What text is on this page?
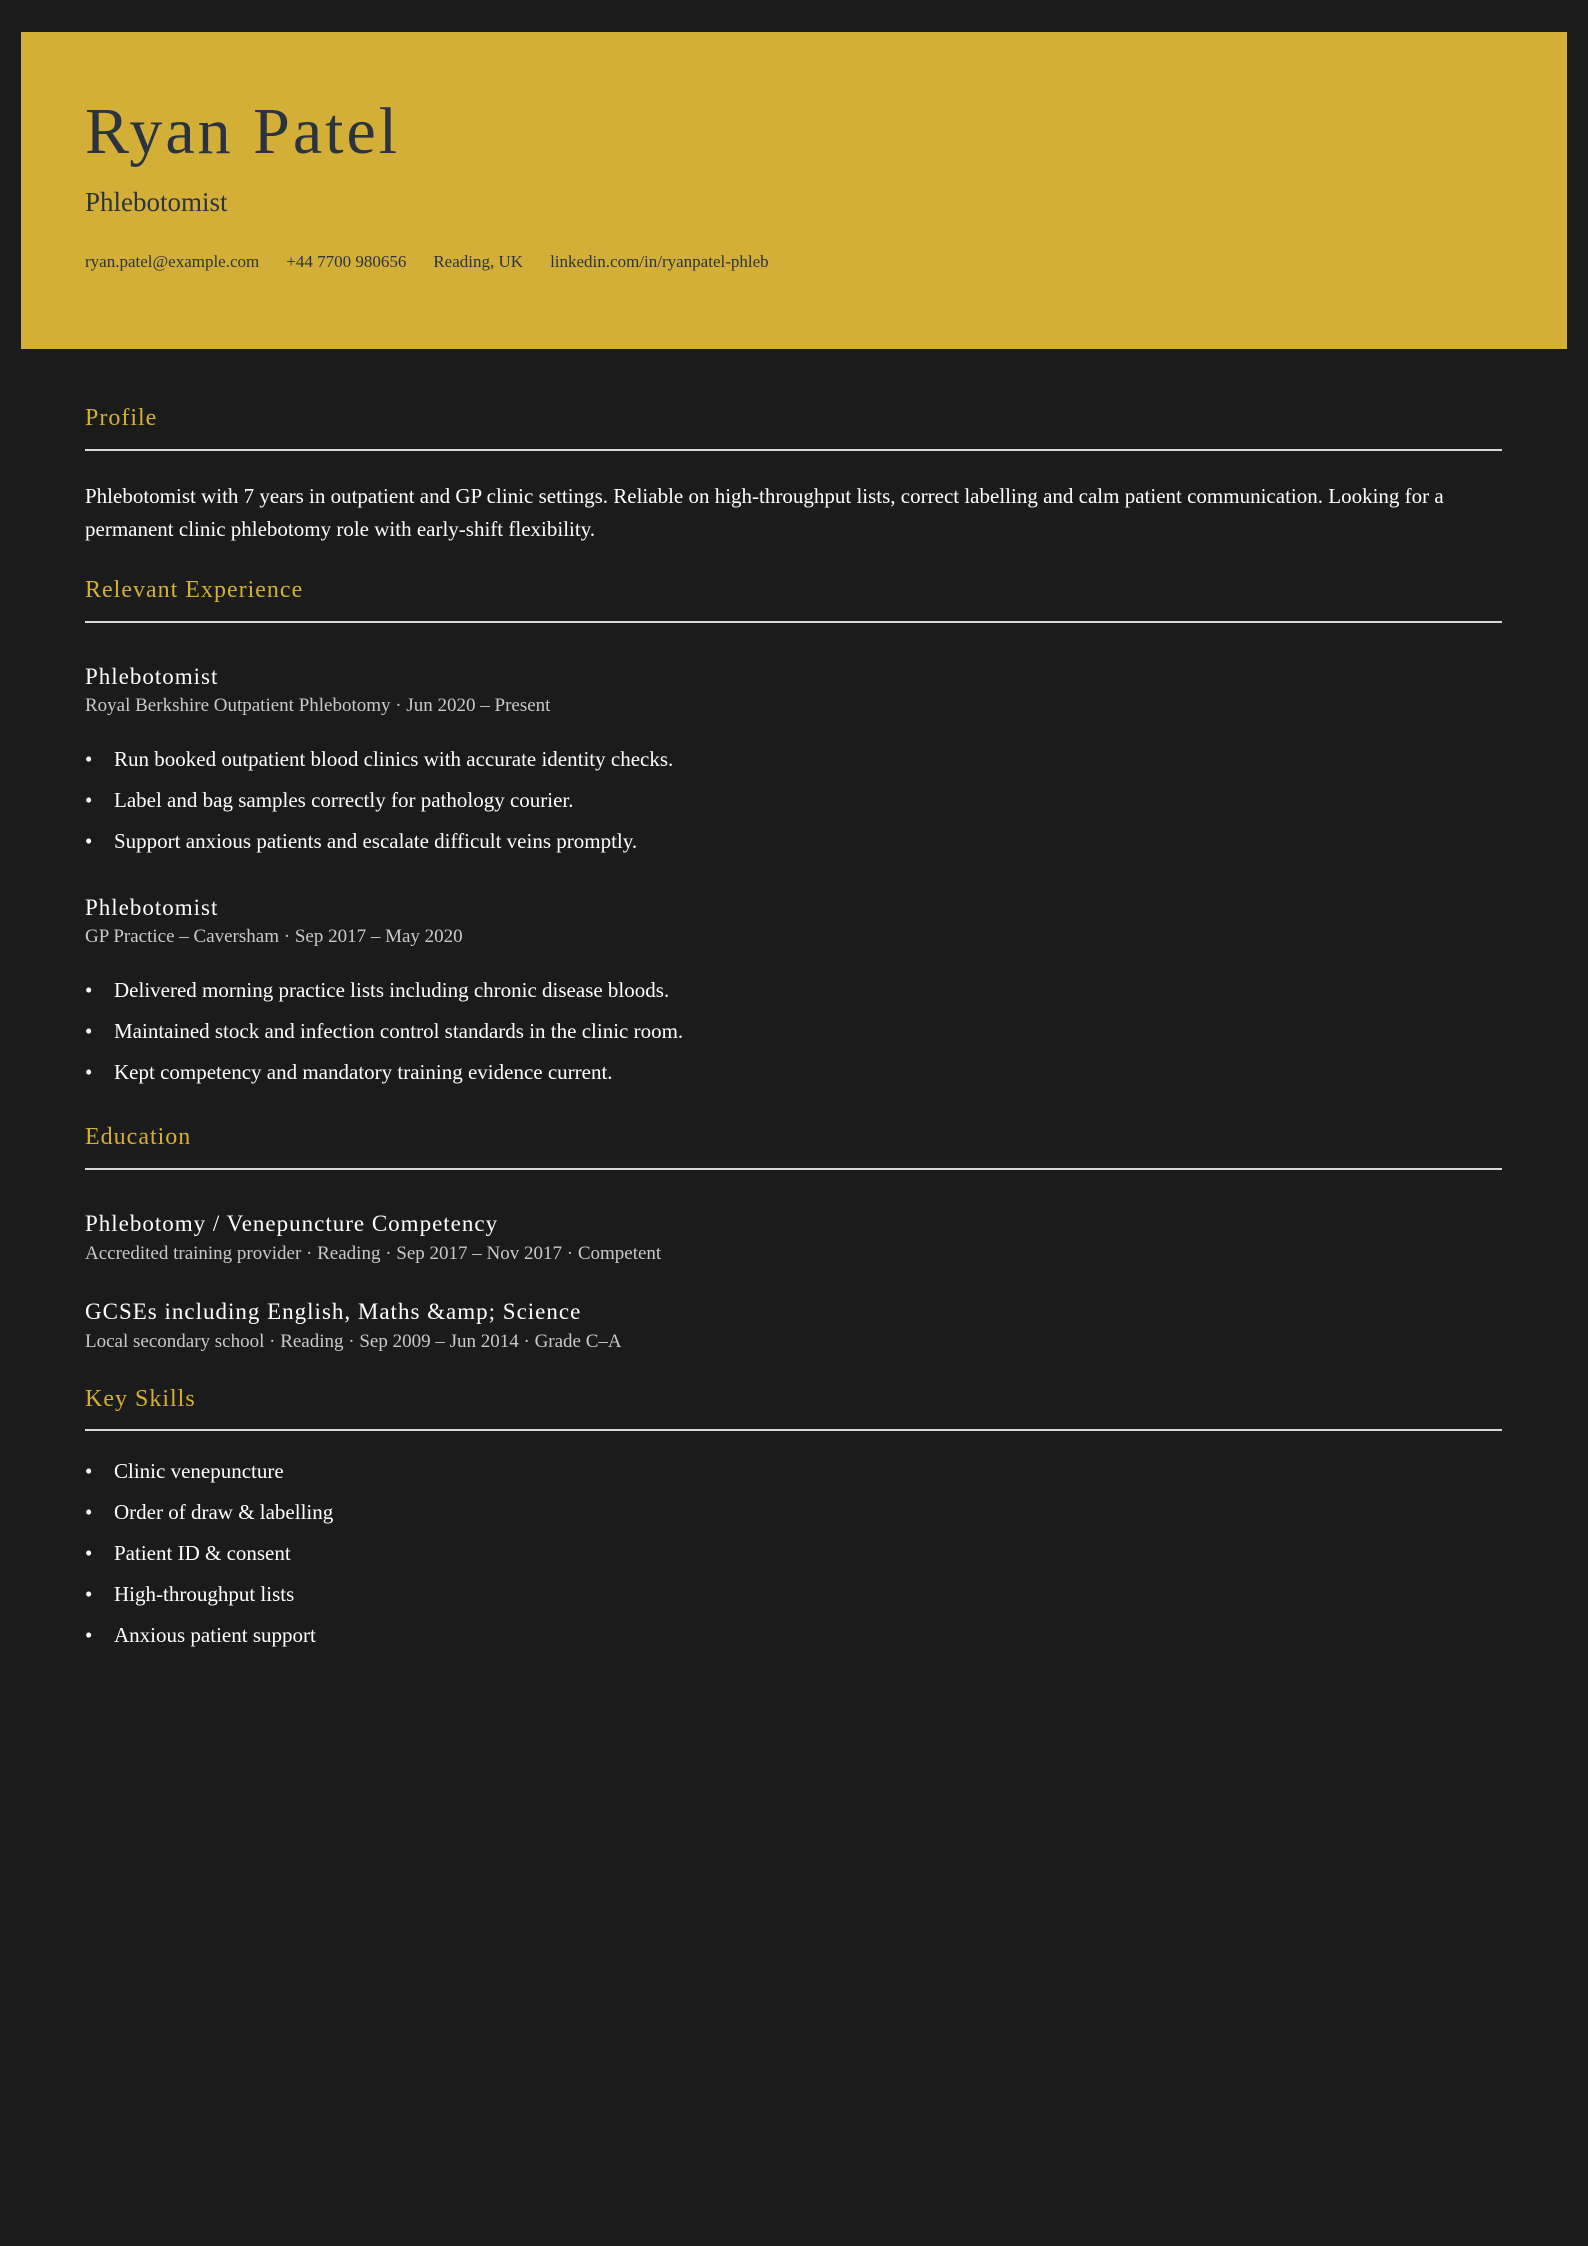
Ryan Patel
Phlebotomist
ryan.patel@example.com +44 7700 980656 Reading, UK linkedin.com/in/ryanpatel-phleb
Profile

Phlebotomist with 7 years in outpatient and GP clinic settings. Reliable on high-throughput lists, correct labelling and calm patient communication. Looking for a permanent clinic phlebotomy role with early-shift flexibility.

Relevant Experience
Phlebotomist

Royal Berkshire Outpatient Phlebotomy · Jun 2020 – Present

• Run booked outpatient blood clinics with accurate identity checks.
• Label and bag samples correctly for pathology courier.
• Support anxious patients and escalate difficult veins promptly.
Phlebotomist

GP Practice – Caversham · Sep 2017 – May 2020

• Delivered morning practice lists including chronic disease bloods.
• Maintained stock and infection control standards in the clinic room.
• Kept competency and mandatory training evidence current.
Education
Phlebotomy / Venepuncture Competency

Accredited training provider · Reading · Sep 2017 – Nov 2017 · Competent

GCSEs including English, Maths &amp; Science

Local secondary school · Reading · Sep 2009 – Jun 2014 · Grade C–A

Key Skills
• Clinic venepuncture
• Order of draw & labelling
• Patient ID & consent
• High-throughput lists
• Anxious patient support
